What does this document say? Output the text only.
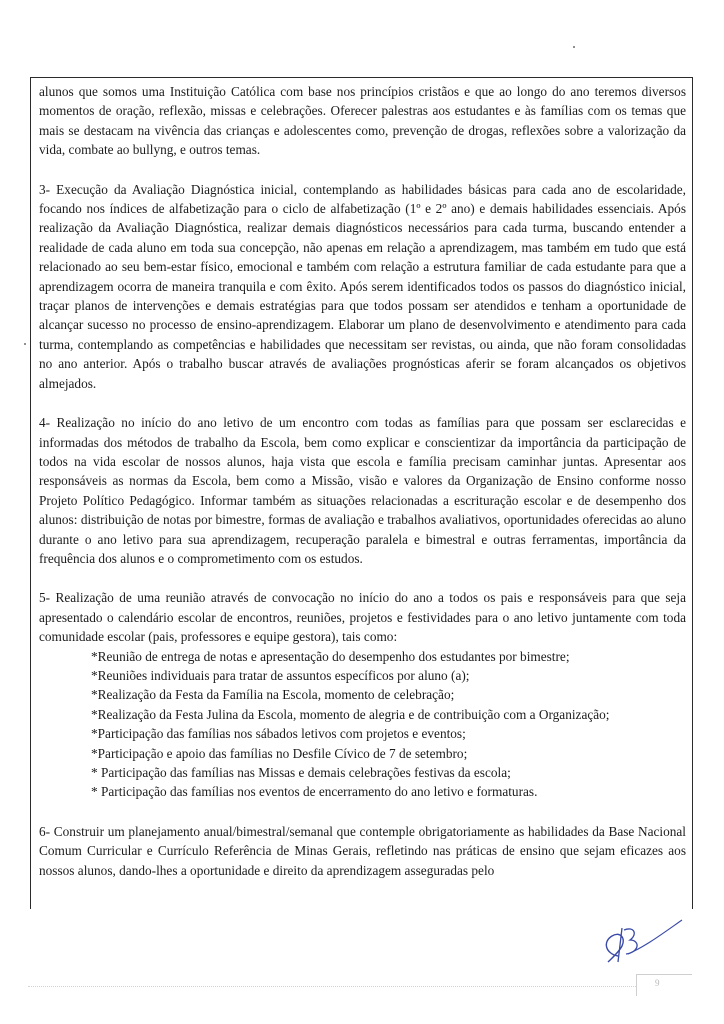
alunos que somos uma Instituição Católica com base nos princípios cristãos e que ao longo do ano teremos diversos momentos de oração, reflexão, missas e celebrações. Oferecer palestras aos estudantes e às famílias com os temas que mais se destacam na vivência das crianças e adolescentes como, prevenção de drogas, reflexões sobre a valorização da vida, combate ao bullyng, e outros temas.

3- Execução da Avaliação Diagnóstica inicial, contemplando as habilidades básicas para cada ano de escolaridade, focando nos índices de alfabetização para o ciclo de alfabetização (1º e 2º ano) e demais habilidades essenciais. Após realização da Avaliação Diagnóstica, realizar demais diagnósticos necessários para cada turma, buscando entender a realidade de cada aluno em toda sua concepção, não apenas em relação a aprendizagem, mas também em tudo que está relacionado ao seu bem-estar físico, emocional e também com relação a estrutura familiar de cada estudante para que a aprendizagem ocorra de maneira tranquila e com êxito. Após serem identificados todos os passos do diagnóstico inicial, traçar planos de intervenções e demais estratégias para que todos possam ser atendidos e tenham a oportunidade de alcançar sucesso no processo de ensino-aprendizagem. Elaborar um plano de desenvolvimento e atendimento para cada turma, contemplando as competências e habilidades que necessitam ser revistas, ou ainda, que não foram consolidadas no ano anterior. Após o trabalho buscar através de avaliações prognósticas aferir se foram alcançados os objetivos almejados.

4- Realização no início do ano letivo de um encontro com todas as famílias para que possam ser esclarecidas e informadas dos métodos de trabalho da Escola, bem como explicar e conscientizar da importância da participação de todos na vida escolar de nossos alunos, haja vista que escola e família precisam caminhar juntas. Apresentar aos responsáveis as normas da Escola, bem como a Missão, visão e valores da Organização de Ensino conforme nosso Projeto Político Pedagógico. Informar também as situações relacionadas a escrituração escolar e de desempenho dos alunos: distribuição de notas por bimestre, formas de avaliação e trabalhos avaliativos, oportunidades oferecidas ao aluno durante o ano letivo para sua aprendizagem, recuperação paralela e bimestral e outras ferramentas, importância da frequência dos alunos e o comprometimento com os estudos.

5- Realização de uma reunião através de convocação no início do ano a todos os pais e responsáveis para que seja apresentado o calendário escolar de encontros, reuniões, projetos e festividades para o ano letivo juntamente com toda comunidade escolar (pais, professores e equipe gestora), tais como:

*Reunião de entrega de notas e apresentação do desempenho dos estudantes por bimestre;
*Reuniões individuais para tratar de assuntos específicos por aluno (a);
*Realização da Festa da Família na Escola, momento de celebração;
*Realização da Festa Julina da Escola, momento de alegria e de contribuição com a Organização;
*Participação das famílias nos sábados letivos com projetos e eventos;
*Participação e apoio das famílias no Desfile Cívico de 7 de setembro;
* Participação das famílias nas Missas e demais celebrações festivas da escola;
* Participação das famílias nos eventos de encerramento do ano letivo e formaturas.

6- Construir um planejamento anual/bimestral/semanal que contemple obrigatoriamente as habilidades da Base Nacional Comum Curricular e Currículo Referência de Minas Gerais, refletindo nas práticas de ensino que sejam eficazes aos nossos alunos, dando-lhes a oportunidade e direito da aprendizagem asseguradas pelo

9
